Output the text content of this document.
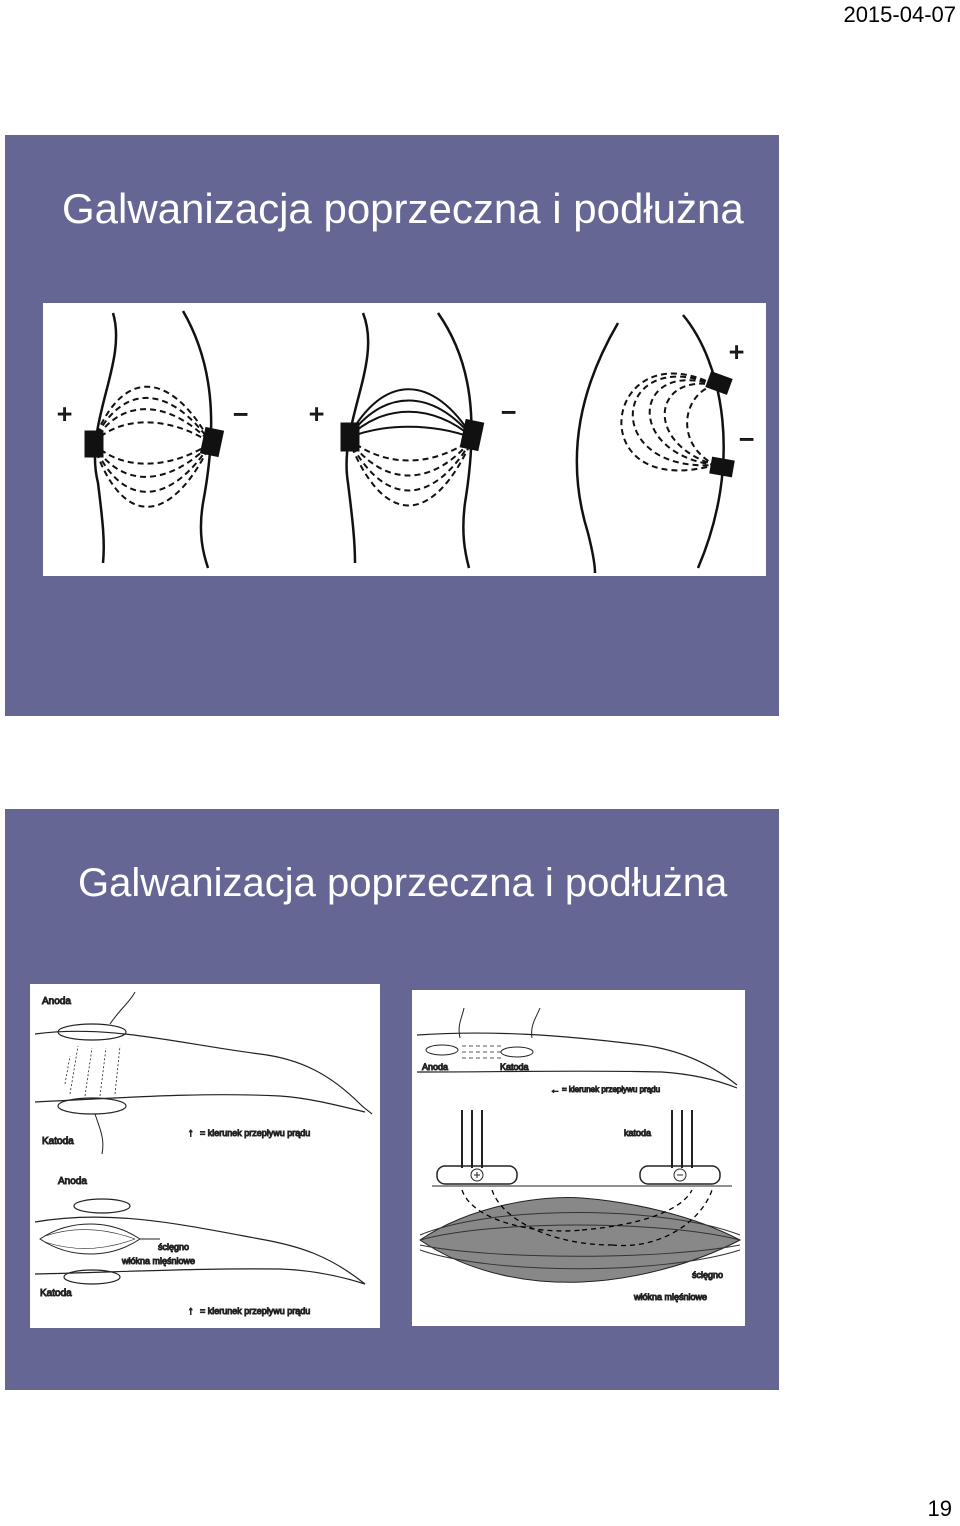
2015-04-07
Galwanizacja poprzeczna i podłużna
+	− +	−
+
−
Galwanizacja poprzeczna i podłużna
Anoda
Katoda
↑ = kierunek przepływu prądu
Anoda
ścięgno
włókna mięśniowe
Katoda
↑ = kierunek przepływu prądu
Anoda	Katoda
← = kierunek przepływu prądu
katoda
ścięgno
włókna mięśniowe
19
